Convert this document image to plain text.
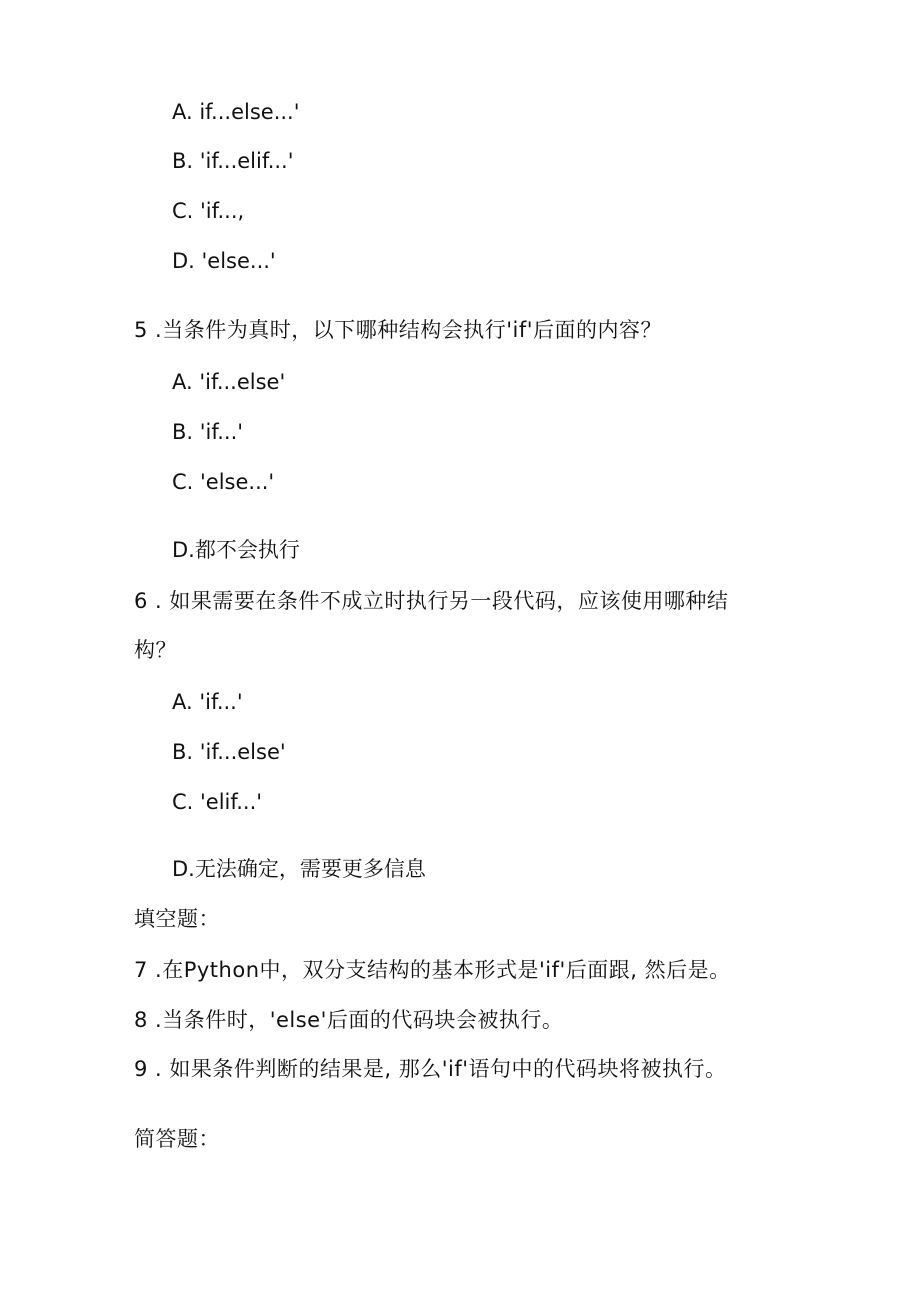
A. if...else...'
B. 'if...elif...'
C. 'if...,
D. 'else...'
5 .当条件为真时，以下哪种结构会执行'if'后面的内容？
A. 'if...else'
B. 'if...'
C. 'else...'
D.都不会执行
6 . 如果需要在条件不成立时执行另一段代码，应该使用哪种结
构？
A. 'if...'
B. 'if...else'
C. 'elif...'
D.无法确定，需要更多信息
填空题：
7 .在Python中，双分支结构的基本形式是'if'后面跟, 然后是。
8 .当条件时，'else'后面的代码块会被执行。
9 . 如果条件判断的结果是, 那么'if'语句中的代码块将被执行。
简答题：
